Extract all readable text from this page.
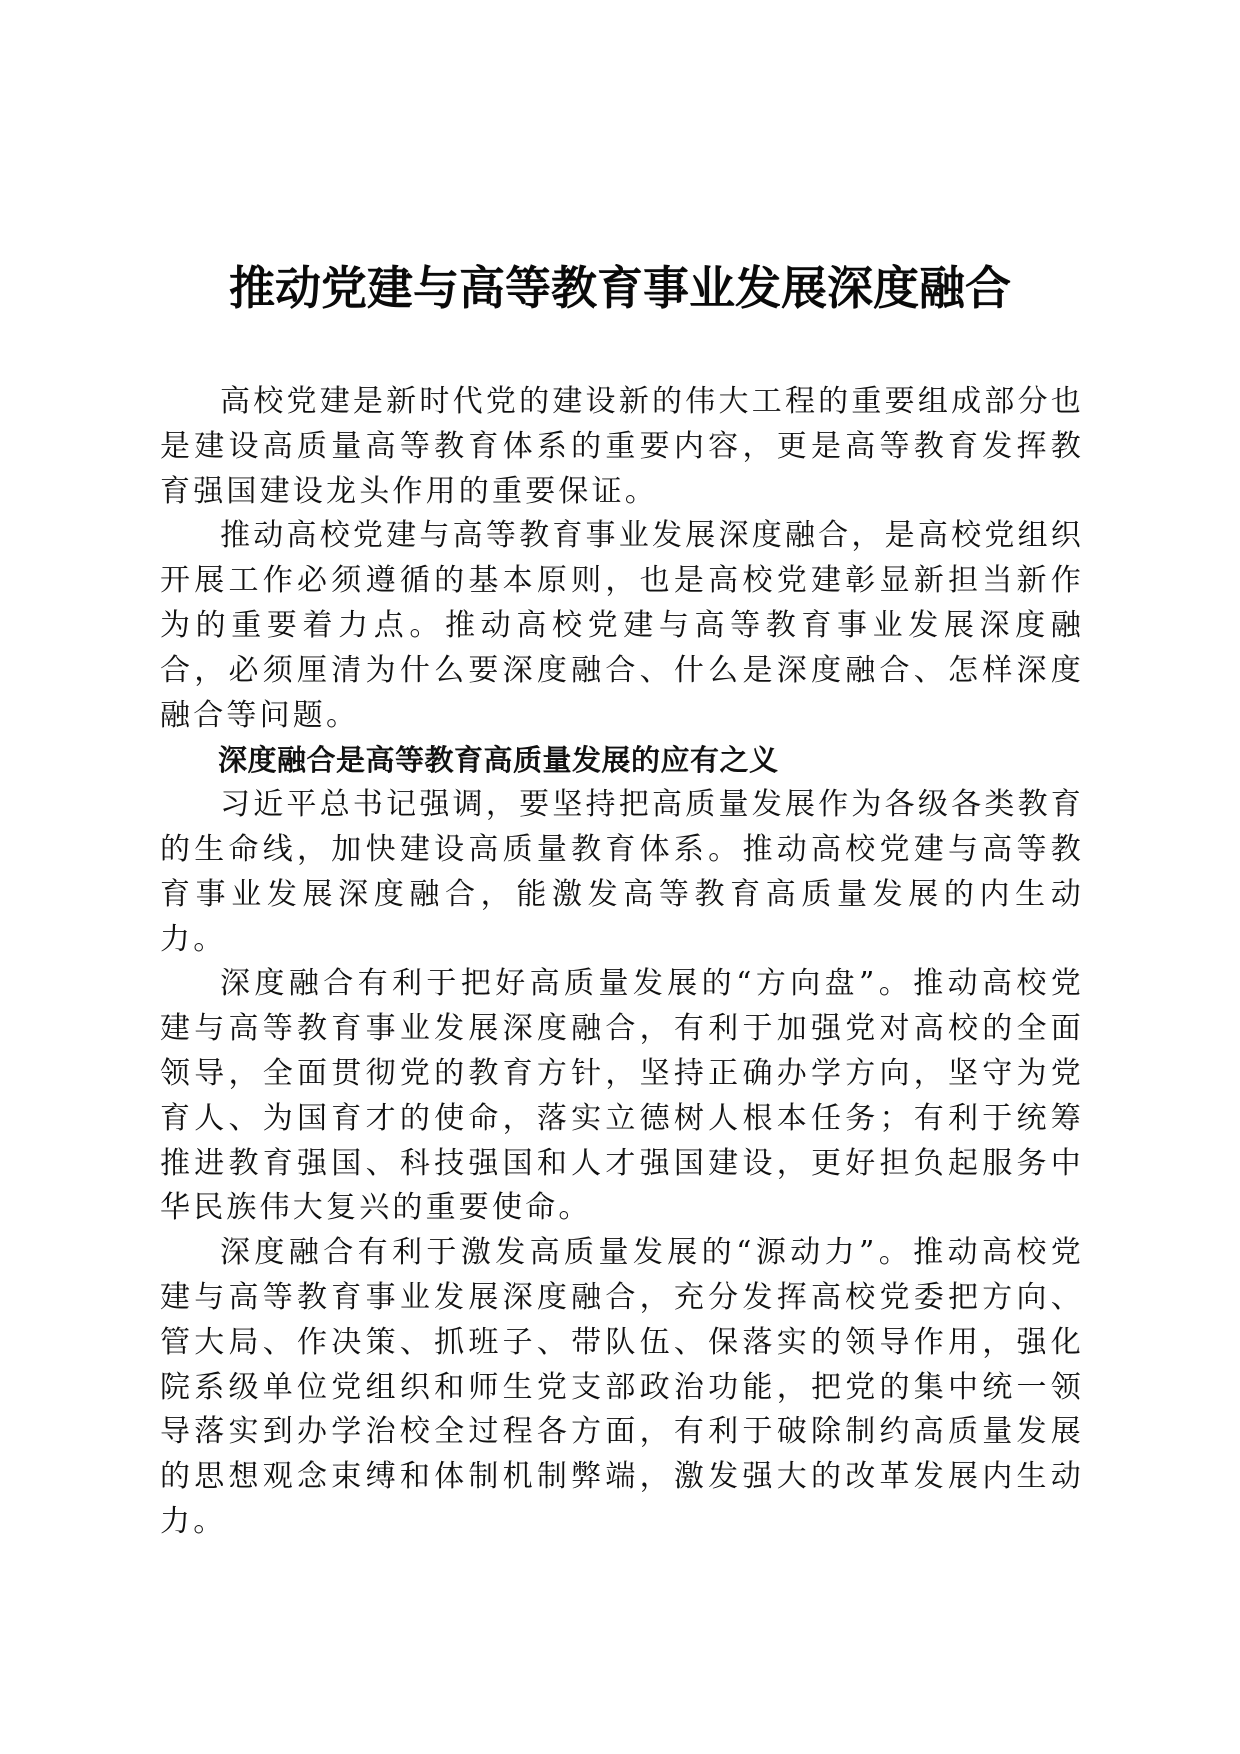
推动党建与高等教育事业发展深度融合

高校党建是新时代党的建设新的伟大工程的重要组成部分也是建设高质量高等教育体系的重要内容，更是高等教育发挥教育强国建设龙头作用的重要保证。

推动高校党建与高等教育事业发展深度融合，是高校党组织开展工作必须遵循的基本原则，也是高校党建彰显新担当新作为的重要着力点。推动高校党建与高等教育事业发展深度融合，必须厘清为什么要深度融合、什么是深度融合、怎样深度融合等问题。

深度融合是高等教育高质量发展的应有之义

习近平总书记强调，要坚持把高质量发展作为各级各类教育的生命线，加快建设高质量教育体系。推动高校党建与高等教育事业发展深度融合，能激发高等教育高质量发展的内生动力。

深度融合有利于把好高质量发展的“方向盘”。推动高校党建与高等教育事业发展深度融合，有利于加强党对高校的全面领导，全面贯彻党的教育方针，坚持正确办学方向，坚守为党育人、为国育才的使命，落实立德树人根本任务；有利于统筹推进教育强国、科技强国和人才强国建设，更好担负起服务中华民族伟大复兴的重要使命。

深度融合有利于激发高质量发展的“源动力”。推动高校党建与高等教育事业发展深度融合，充分发挥高校党委把方向、管大局、作决策、抓班子、带队伍、保落实的领导作用，强化院系级单位党组织和师生党支部政治功能，把党的集中统一领导落实到办学治校全过程各方面，有利于破除制约高质量发展的思想观念束缚和体制机制弊端，激发强大的改革发展内生动力。
